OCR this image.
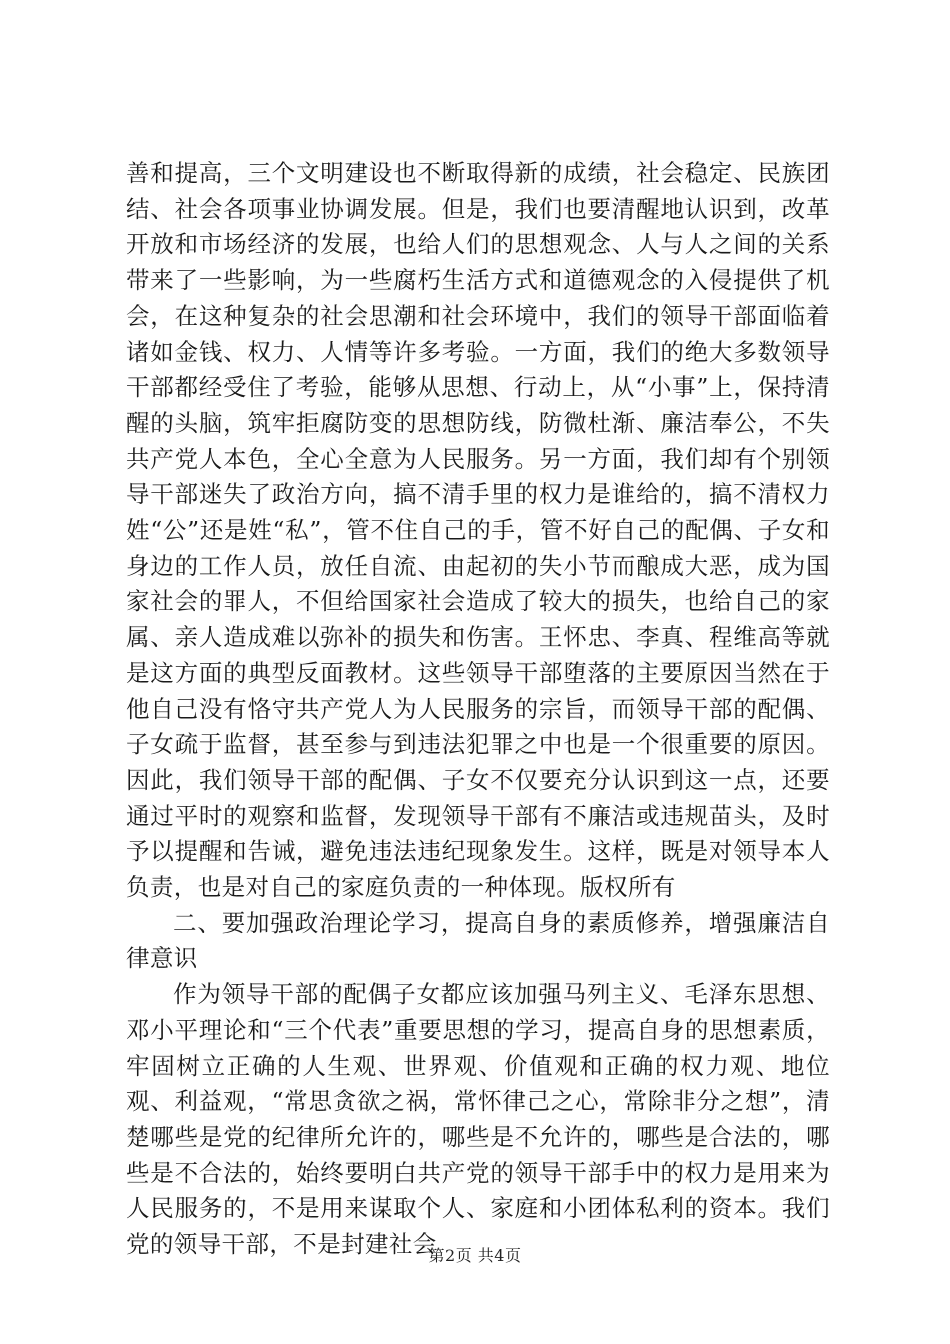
善和提高，三个文明建设也不断取得新的成绩，社会稳定、民族团结、社会各项事业协调发展。但是，我们也要清醒地认识到，改革开放和市场经济的发展，也给人们的思想观念、人与人之间的关系带来了一些影响，为一些腐朽生活方式和道德观念的入侵提供了机会，在这种复杂的社会思潮和社会环境中，我们的领导干部面临着诸如金钱、权力、人情等许多考验。一方面，我们的绝大多数领导干部都经受住了考验，能够从思想、行动上，从“小事”上，保持清醒的头脑，筑牢拒腐防变的思想防线，防微杜渐、廉洁奉公，不失共产党人本色，全心全意为人民服务。另一方面，我们却有个别领导干部迷失了政治方向，搞不清手里的权力是谁给的，搞不清权力姓“公”还是姓“私”，管不住自己的手，管不好自己的配偶、子女和身边的工作人员，放任自流、由起初的失小节而酿成大恶，成为国家社会的罪人，不但给国家社会造成了较大的损失，也给自己的家属、亲人造成难以弥补的损失和伤害。王怀忠、李真、程维高等就是这方面的典型反面教材。这些领导干部堕落的主要原因当然在于他自己没有恪守共产党人为人民服务的宗旨，而领导干部的配偶、子女疏于监督，甚至参与到违法犯罪之中也是一个很重要的原因。因此，我们领导干部的配偶、子女不仅要充分认识到这一点，还要通过平时的观察和监督，发现领导干部有不廉洁或违规苗头，及时予以提醒和告诫，避免违法违纪现象发生。这样，既是对领导本人负责，也是对自己的家庭负责的一种体现。版权所有

二、要加强政治理论学习，提高自身的素质修养，增强廉洁自律意识

作为领导干部的配偶子女都应该加强马列主义、毛泽东思想、邓小平理论和“三个代表”重要思想的学习，提高自身的思想素质，牢固树立正确的人生观、世界观、价值观和正确的权力观、地位观、利益观，“常思贪欲之祸，常怀律己之心，常除非分之想”，清楚哪些是党的纪律所允许的，哪些是不允许的，哪些是合法的，哪些是不合法的，始终要明白共产党的领导干部手中的权力是用来为人民服务的，不是用来谋取个人、家庭和小团体私利的资本。我们党的领导干部，不是封建社会

第2页 共4页
